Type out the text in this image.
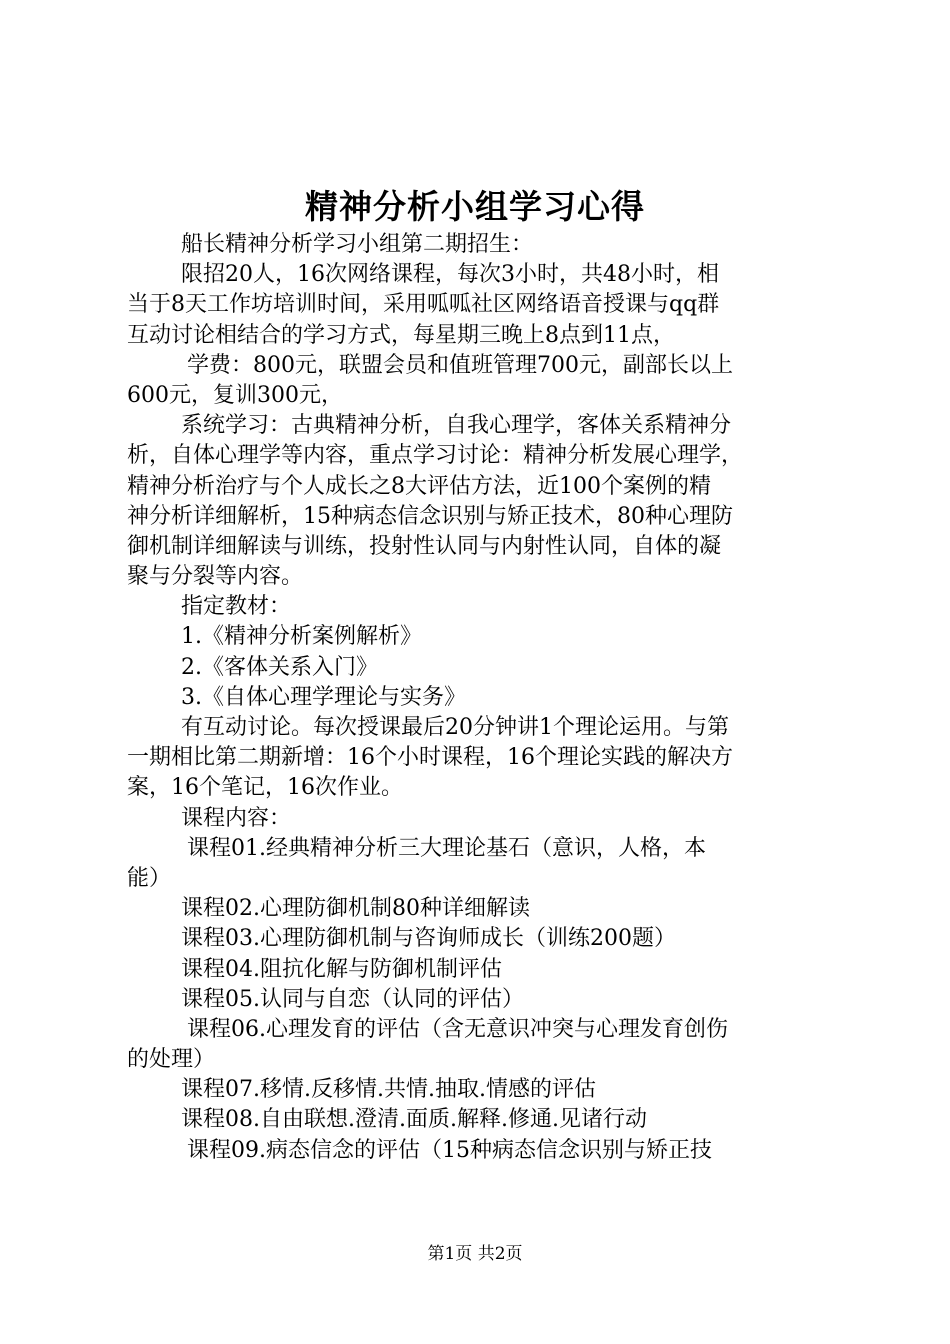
精神分析小组学习心得
船长精神分析学习小组第二期招生：
限招20人，16次网络课程，每次3小时，共48小时，相
当于8天工作坊培训时间，采用呱呱社区网络语音授课与qq群
互动讨论相结合的学习方式，每星期三晚上8点到11点，
学费：800元，联盟会员和值班管理700元，副部长以上
600元，复训300元，
系统学习：古典精神分析，自我心理学，客体关系精神分
析，自体心理学等内容，重点学习讨论：精神分析发展心理学，
精神分析治疗与个人成长之8大评估方法，近100个案例的精
神分析详细解析，15种病态信念识别与矫正技术，80种心理防
御机制详细解读与训练，投射性认同与内射性认同，自体的凝
聚与分裂等内容。
指定教材：
1.《精神分析案例解析》
2.《客体关系入门》
3.《自体心理学理论与实务》
有互动讨论。每次授课最后20分钟讲1个理论运用。与第
一期相比第二期新增：16个小时课程，16个理论实践的解决方
案，16个笔记，16次作业。
课程内容：
课程01.经典精神分析三大理论基石（意识，人格，本
能）
课程02.心理防御机制80种详细解读
课程03.心理防御机制与咨询师成长（训练200题）
课程04.阻抗化解与防御机制评估
课程05.认同与自恋（认同的评估）
课程06.心理发育的评估（含无意识冲突与心理发育创伤
的处理）
课程07.移情.反移情.共情.抽取.情感的评估
课程08.自由联想.澄清.面质.解释.修通.见诸行动
课程09.病态信念的评估（15种病态信念识别与矫正技
第1页 共2页
